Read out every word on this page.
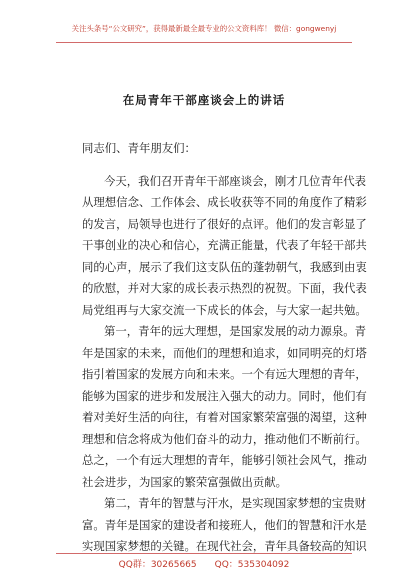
关注头条号“公文研究”，获得最新最全最专业的公文资料库！ 微信：gongwenyj
在局青年干部座谈会上的讲话
同志们、青年朋友们：
今天，我们召开青年干部座谈会，刚才几位青年代表
从理想信念、工作体会、成长收获等不同的角度作了精彩
的发言，局领导也进行了很好的点评。他们的发言彰显了
干事创业的决心和信心，充满正能量，代表了年轻干部共
同的心声，展示了我们这支队伍的蓬勃朝气，我感到由衷
的欣慰，并对大家的成长表示热烈的祝贺。下面，我代表
局党组再与大家交流一下成长的体会，与大家一起共勉。
第一，青年的远大理想，是国家发展的动力源泉。青
年是国家的未来，而他们的理想和追求，如同明亮的灯塔
指引着国家的发展方向和未来。一个有远大理想的青年，
能够为国家的进步和发展注入强大的动力。同时，他们有
着对美好生活的向往，有着对国家繁荣富强的渴望，这种
理想和信念将成为他们奋斗的动力，推动他们不断前行。
总之，一个有远大理想的青年，能够引领社会风气，推动
社会进步，为国家的繁荣富强做出贡献。
第二，青年的智慧与汗水，是实现国家梦想的宝贵财
富。青年是国家的建设者和接班人，他们的智慧和汗水是
实现国家梦想的关键。在现代社会，青年具备较高的知识
QQ群：30265665 QQ：535304092
